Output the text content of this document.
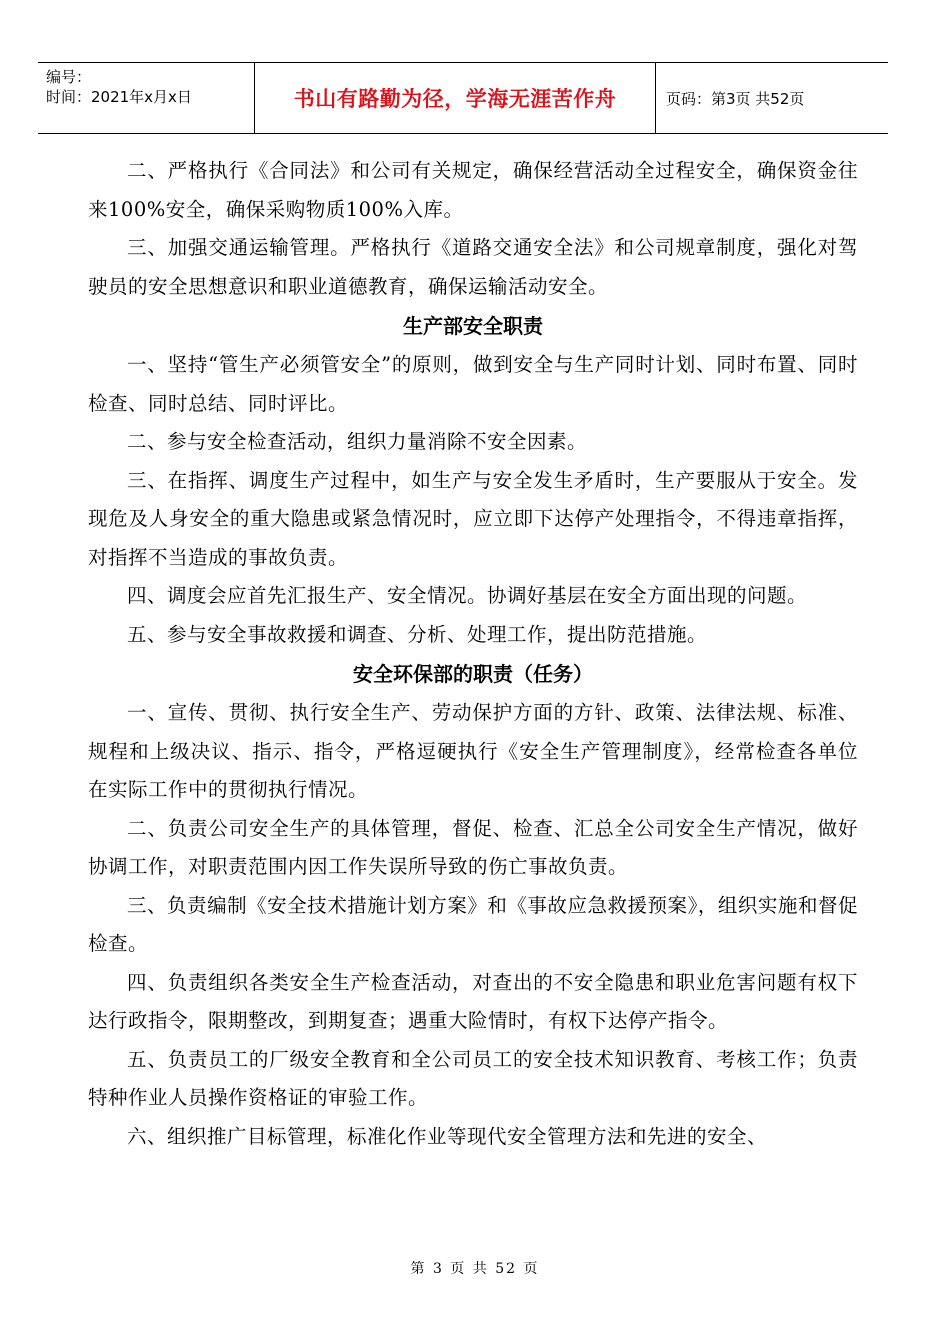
编号：
时间：2021年x月x日	书山有路勤为径，学海无涯苦作舟	页码：第3页 共52页

二、严格执行《合同法》和公司有关规定，确保经营活动全过程安全，确保资金往来100%安全，确保采购物质100%入库。

三、加强交通运输管理。严格执行《道路交通安全法》和公司规章制度，强化对驾驶员的安全思想意识和职业道德教育，确保运输活动安全。

生产部安全职责

一、坚持“管生产必须管安全”的原则，做到安全与生产同时计划、同时布置、同时检查、同时总结、同时评比。

二、参与安全检查活动，组织力量消除不安全因素。

三、在指挥、调度生产过程中，如生产与安全发生矛盾时，生产要服从于安全。发现危及人身安全的重大隐患或紧急情况时，应立即下达停产处理指令，不得违章指挥，对指挥不当造成的事故负责。

四、调度会应首先汇报生产、安全情况。协调好基层在安全方面出现的问题。

五、参与安全事故救援和调查、分析、处理工作，提出防范措施。

安全环保部的职责（任务）

一、宣传、贯彻、执行安全生产、劳动保护方面的方针、政策、法律法规、标准、规程和上级决议、指示、指令，严格逗硬执行《安全生产管理制度》，经常检查各单位在实际工作中的贯彻执行情况。

二、负责公司安全生产的具体管理，督促、检查、汇总全公司安全生产情况，做好协调工作，对职责范围内因工作失误所导致的伤亡事故负责。

三、负责编制《安全技术措施计划方案》和《事故应急救援预案》，组织实施和督促检查。

四、负责组织各类安全生产检查活动，对查出的不安全隐患和职业危害问题有权下达行政指令，限期整改，到期复查；遇重大险情时，有权下达停产指令。

五、负责员工的厂级安全教育和全公司员工的安全技术知识教育、考核工作；负责特种作业人员操作资格证的审验工作。

六、组织推广目标管理，标准化作业等现代安全管理方法和先进的安全、

第 3 页 共 52 页
